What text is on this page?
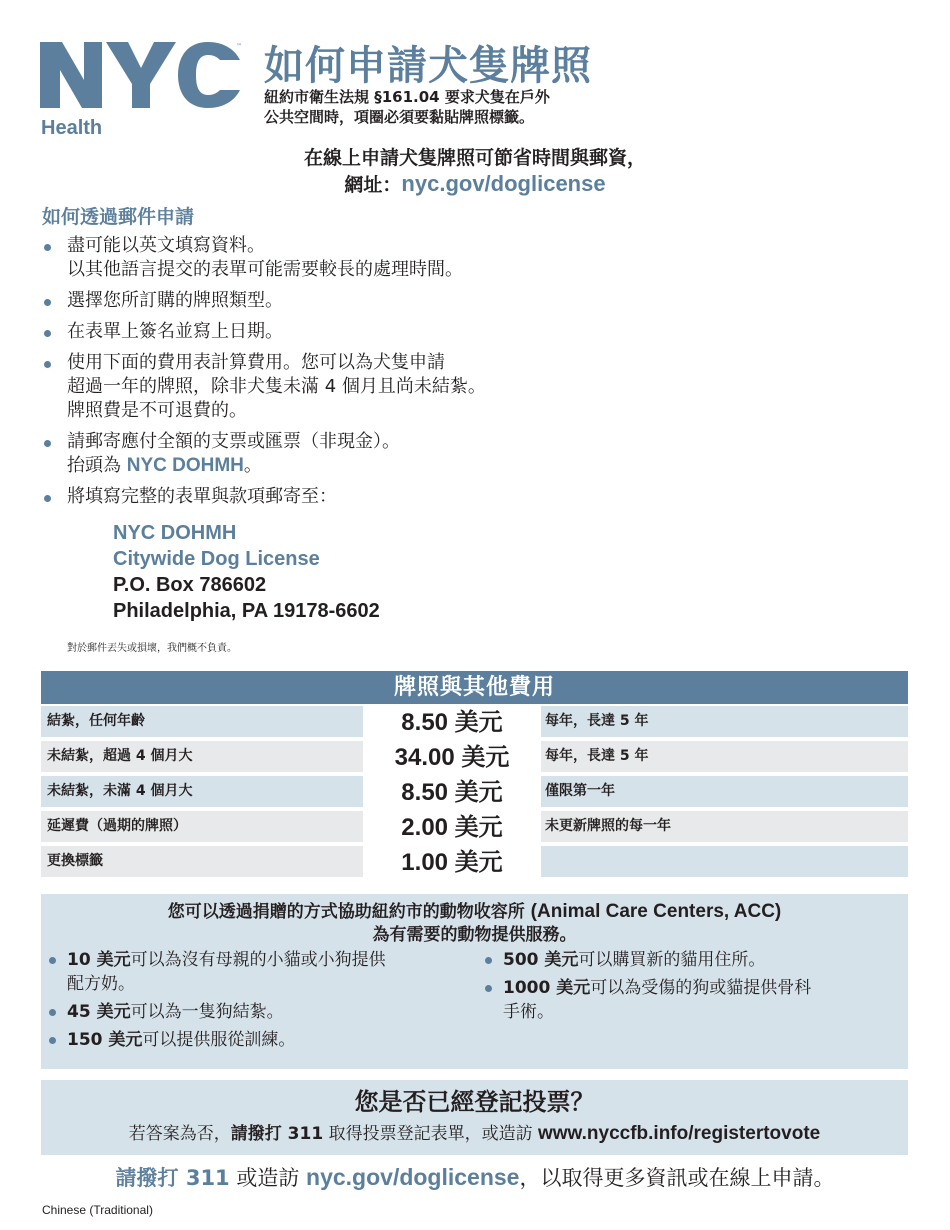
™
Health
如何申請犬隻牌照
紐約市衛生法規 §161.04 要求犬隻在戶外
公共空間時，項圈必須要黏貼牌照標籤。
在線上申請犬隻牌照可節省時間與郵資，
網址：nyc.gov/doglicense
如何透過郵件申請
盡可能以英文填寫資料。
以其他語言提交的表單可能需要較長的處理時間。
選擇您所訂購的牌照類型。
在表單上簽名並寫上日期。
使用下面的費用表計算費用。您可以為犬隻申請
超過一年的牌照，除非犬隻未滿 4 個月且尚未結紮。
牌照費是不可退費的。
請郵寄應付全額的支票或匯票（非現金）。
抬頭為 NYC DOHMH。
將填寫完整的表單與款項郵寄至：
NYC DOHMH
Citywide Dog License
P.O. Box 786602
Philadelphia, PA 19178-6602
對於郵件丟失或損壞，我們概不負責。
牌照與其他費用
結紮，任何年齡	8.50 美元	每年，長達 5 年
未結紮，超過 4 個月大	34.00 美元	每年，長達 5 年
未結紮，未滿 4 個月大	8.50 美元	僅限第一年
延遲費（過期的牌照）	2.00 美元	未更新牌照的每一年
更換標籤	1.00 美元
您可以透過捐贈的方式協助紐約市的動物收容所 (Animal Care Centers, ACC)
為有需要的動物提供服務。
10 美元可以為沒有母親的小貓或小狗提供
配方奶。
45 美元可以為一隻狗結紮。
150 美元可以提供服從訓練。
500 美元可以購買新的貓用住所。
1000 美元可以為受傷的狗或貓提供骨科
手術。
您是否已經登記投票？
若答案為否，請撥打 311 取得投票登記表單，或造訪 www.nyccfb.info/registertovote
請撥打 311 或造訪 nyc.gov/doglicense，以取得更多資訊或在線上申請。
Chinese (Traditional)
